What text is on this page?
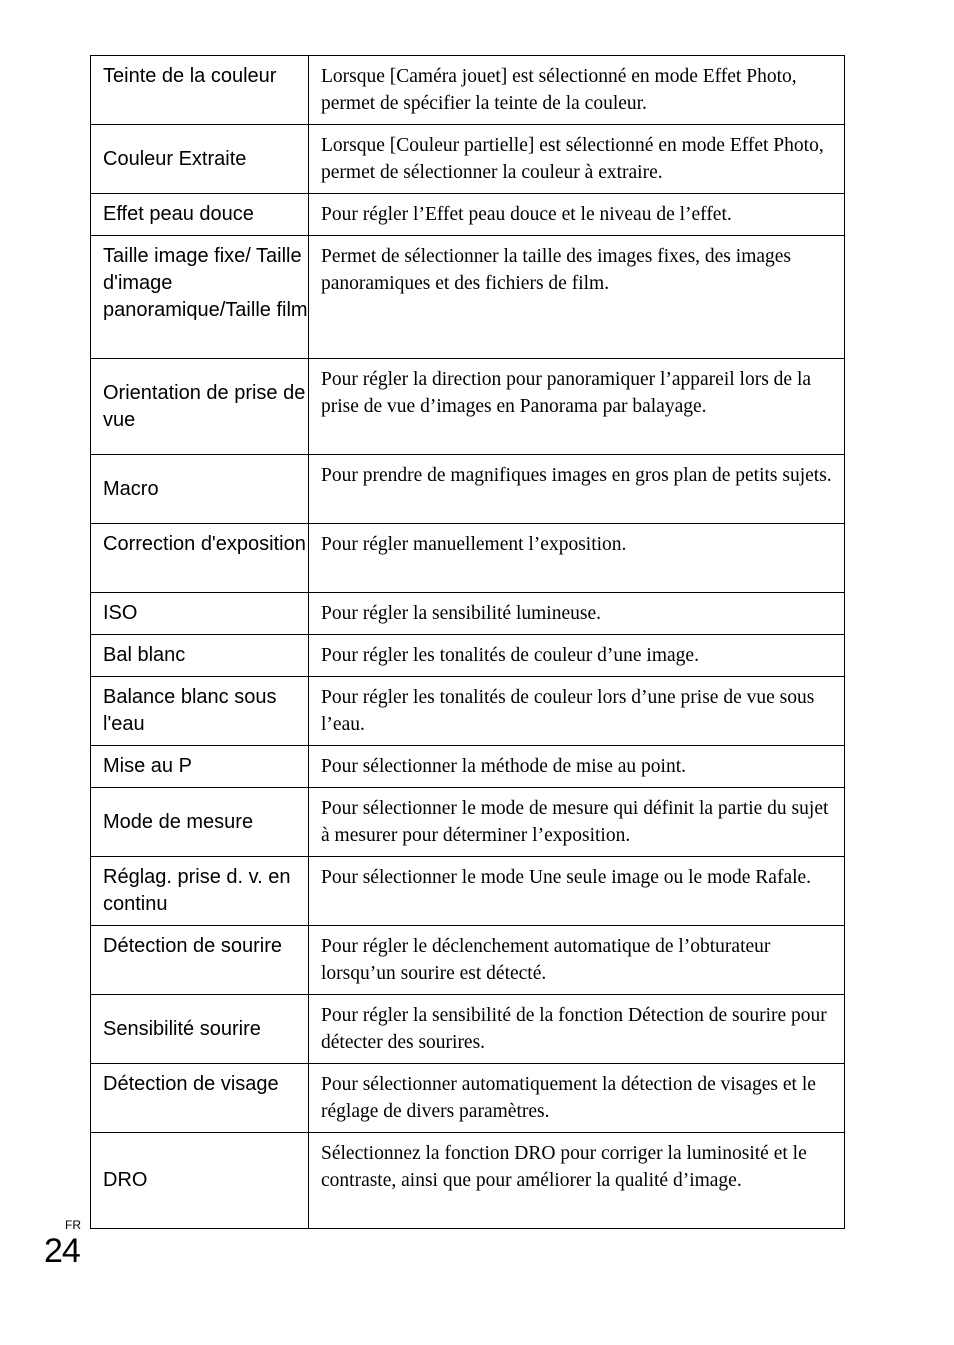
Teinte de la couleur	Lorsque [Caméra jouet] est sélectionné en mode Effet Photo, permet de spécifier la teinte de la couleur.
Couleur Extraite	Lorsque [Couleur partielle] est sélectionné en mode Effet Photo, permet de sélectionner la couleur à extraire.
Effet peau douce	Pour régler l’Effet peau douce et le niveau de l’effet.
Taille image fixe/ Taille d'image panoramique/Taille film	Permet de sélectionner la taille des images fixes, des images panoramiques et des fichiers de film.
Orientation de prise de vue	Pour régler la direction pour panoramiquer l’appareil lors de la prise de vue d’images en Panorama par balayage.
Macro	Pour prendre de magnifiques images en gros plan de petits sujets.
Correction d'exposition	Pour régler manuellement l’exposition.
ISO	Pour régler la sensibilité lumineuse.
Bal blanc	Pour régler les tonalités de couleur d’une image.
Balance blanc sous l'eau	Pour régler les tonalités de couleur lors d’une prise de vue sous l’eau.
Mise au P	Pour sélectionner la méthode de mise au point.
Mode de mesure	Pour sélectionner le mode de mesure qui définit la partie du sujet à mesurer pour déterminer l’exposition.
Réglag. prise d. v. en continu	Pour sélectionner le mode Une seule image ou le mode Rafale.
Détection de sourire	Pour régler le déclenchement automatique de l’obturateur lorsqu’un sourire est détecté.
Sensibilité sourire	Pour régler la sensibilité de la fonction Détection de sourire pour détecter des sourires.
Détection de visage	Pour sélectionner automatiquement la détection de visages et le réglage de divers paramètres.
DRO	Sélectionnez la fonction DRO pour corriger la luminosité et le contraste, ainsi que pour améliorer la qualité d’image.
FR
24
